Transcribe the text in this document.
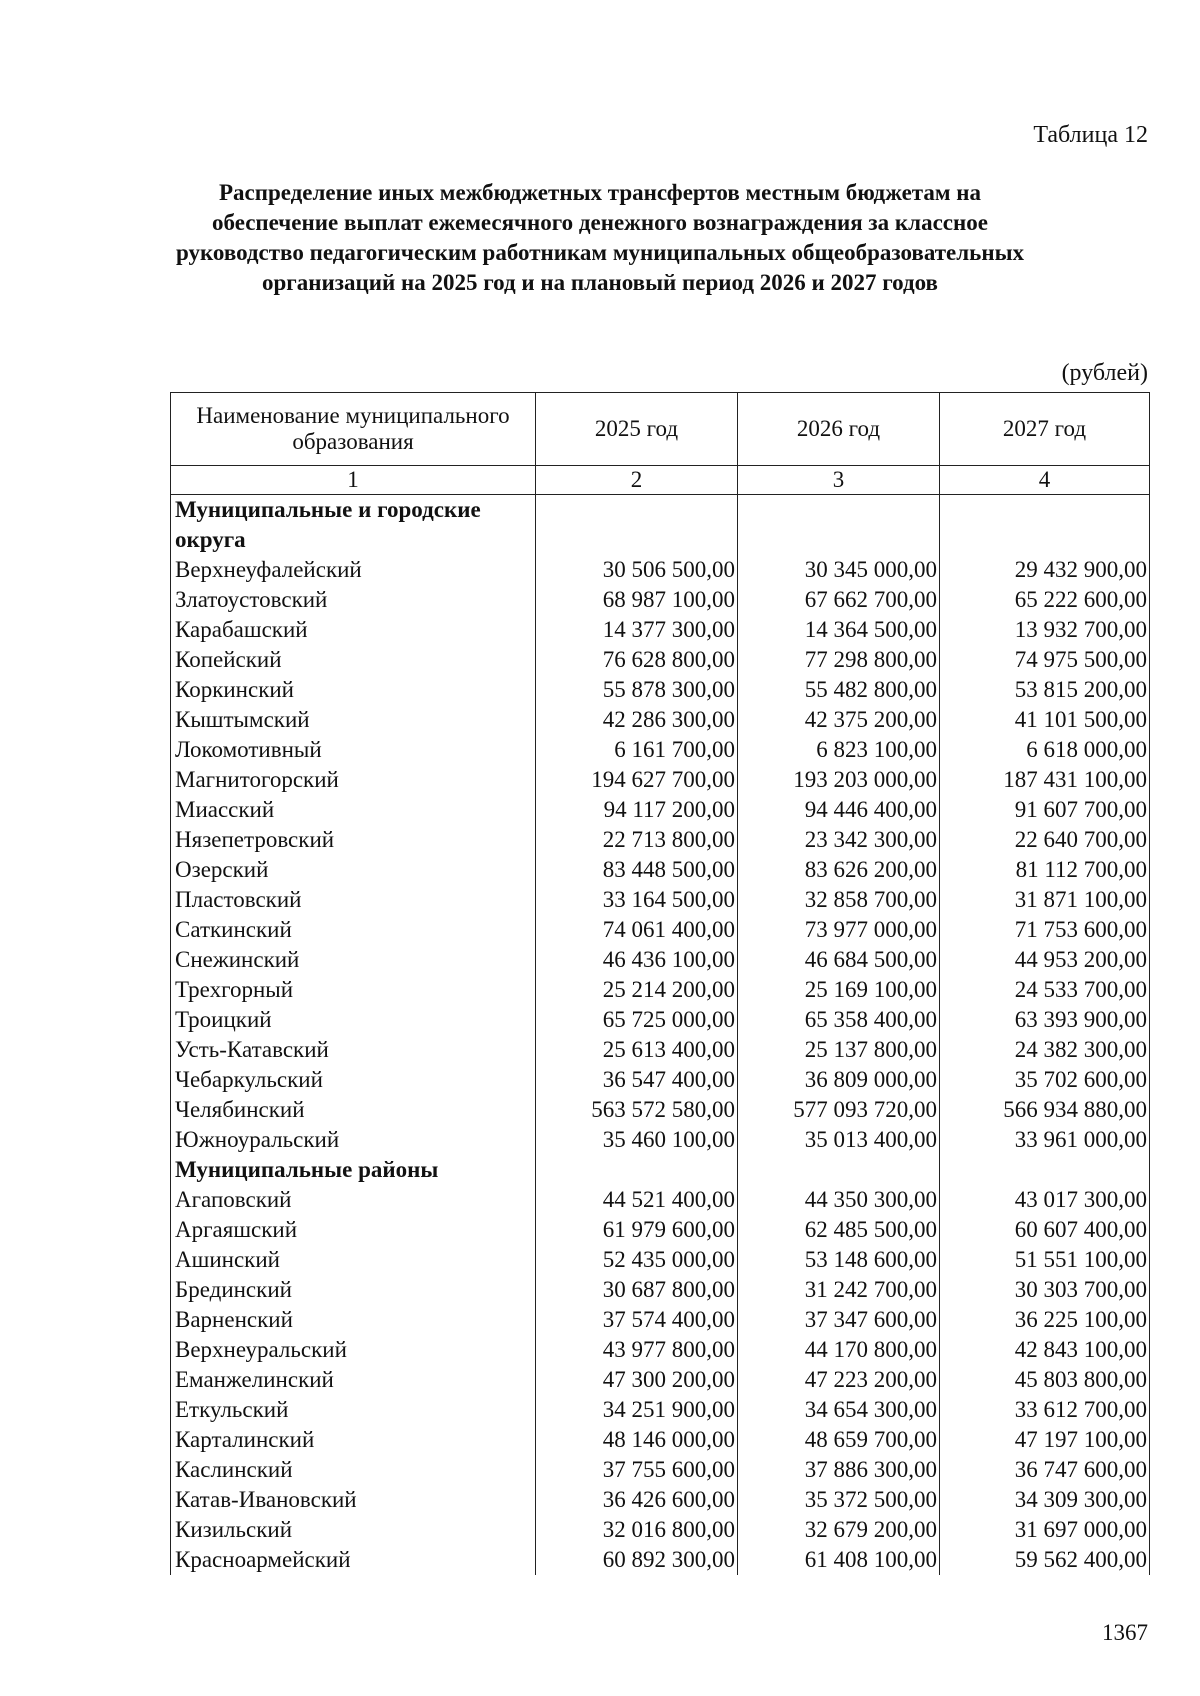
Таблица 12
Распределение иных межбюджетных трансфертов местным бюджетам на обеспечение выплат ежемесячного денежного вознаграждения за классное руководство педагогическим работникам муниципальных общеобразовательных организаций на 2025 год и на плановый период 2026 и 2027 годов
(рублей)
Наименование муниципального образования	2025 год	2026 год	2027 год
1	2	3	4
Муниципальные и городские округа			
Верхнеуфалейский	30 506 500,00	30 345 000,00	29 432 900,00
Златоустовский	68 987 100,00	67 662 700,00	65 222 600,00
Карабашский	14 377 300,00	14 364 500,00	13 932 700,00
Копейский	76 628 800,00	77 298 800,00	74 975 500,00
Коркинский	55 878 300,00	55 482 800,00	53 815 200,00
Кыштымский	42 286 300,00	42 375 200,00	41 101 500,00
Локомотивный	6 161 700,00	6 823 100,00	6 618 000,00
Магнитогорский	194 627 700,00	193 203 000,00	187 431 100,00
Миасский	94 117 200,00	94 446 400,00	91 607 700,00
Нязепетровский	22 713 800,00	23 342 300,00	22 640 700,00
Озерский	83 448 500,00	83 626 200,00	81 112 700,00
Пластовский	33 164 500,00	32 858 700,00	31 871 100,00
Саткинский	74 061 400,00	73 977 000,00	71 753 600,00
Снежинский	46 436 100,00	46 684 500,00	44 953 200,00
Трехгорный	25 214 200,00	25 169 100,00	24 533 700,00
Троицкий	65 725 000,00	65 358 400,00	63 393 900,00
Усть-Катавский	25 613 400,00	25 137 800,00	24 382 300,00
Чебаркульский	36 547 400,00	36 809 000,00	35 702 600,00
Челябинский	563 572 580,00	577 093 720,00	566 934 880,00
Южноуральский	35 460 100,00	35 013 400,00	33 961 000,00
Муниципальные районы			
Агаповский	44 521 400,00	44 350 300,00	43 017 300,00
Аргаяшский	61 979 600,00	62 485 500,00	60 607 400,00
Ашинский	52 435 000,00	53 148 600,00	51 551 100,00
Брединский	30 687 800,00	31 242 700,00	30 303 700,00
Варненский	37 574 400,00	37 347 600,00	36 225 100,00
Верхнеуральский	43 977 800,00	44 170 800,00	42 843 100,00
Еманжелинский	47 300 200,00	47 223 200,00	45 803 800,00
Еткульский	34 251 900,00	34 654 300,00	33 612 700,00
Карталинский	48 146 000,00	48 659 700,00	47 197 100,00
Каслинский	37 755 600,00	37 886 300,00	36 747 600,00
Катав-Ивановский	36 426 600,00	35 372 500,00	34 309 300,00
Кизильский	32 016 800,00	32 679 200,00	31 697 000,00
Красноармейский	60 892 300,00	61 408 100,00	59 562 400,00
1367
